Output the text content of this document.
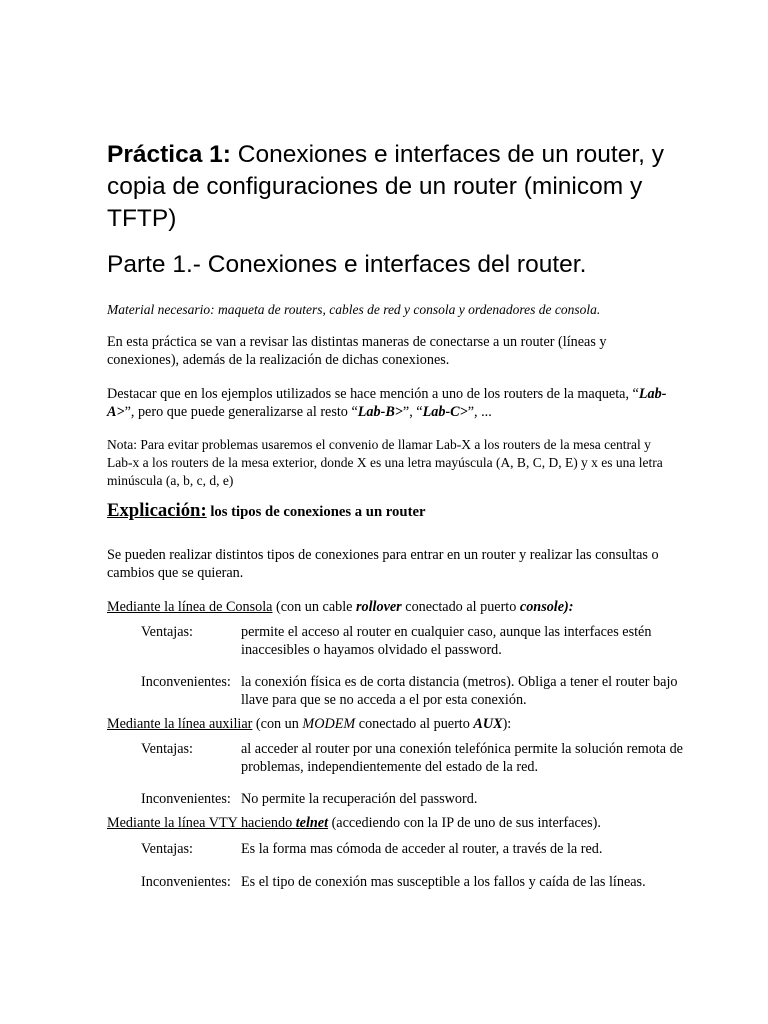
Práctica 1: Conexiones e interfaces de un router, y copia de configuraciones de un router (minicom y TFTP)
Parte 1.- Conexiones e interfaces del router.

Material necesario: maqueta de routers, cables de red y consola y ordenadores de consola.

En esta práctica se van a revisar las distintas maneras de conectarse a un router (líneas y conexiones), además de la realización de dichas conexiones.

Destacar que en los ejemplos utilizados se hace mención a uno de los routers de la maqueta, “Lab-A>”, pero que puede generalizarse al resto “Lab-B>”, “Lab-C>”, ...

Nota: Para evitar problemas usaremos el convenio de llamar Lab-X a los routers de la mesa central y Lab-x a los routers de la mesa exterior, donde X es una letra mayúscula (A, B, C, D, E) y x es una letra minúscula (a, b, c, d, e)

Explicación: los tipos de conexiones a un router

Se pueden realizar distintos tipos de conexiones para entrar en un router y realizar las consultas o cambios que se quieran.

Mediante la línea de Consola (con un cable rollover conectado al puerto console):

Ventajas:	permite el acceso al router en cualquier caso, aunque las interfaces estén inaccesibles o hayamos olvidado el password.
Inconvenientes: la conexión física es de corta distancia (metros). Obliga a tener el router bajo llave para que se no acceda a el por esta conexión.

Mediante la línea auxiliar (con un MODEM conectado al puerto AUX):

Ventajas:	al acceder al router por una conexión telefónica permite la solución remota de problemas, independientemente del estado de la red.
Inconvenientes: No permite la recuperación del password.

Mediante la línea VTY haciendo telnet (accediendo con la IP de uno de sus interfaces).

Ventajas:	Es la forma mas cómoda de acceder al router, a través de la red.
Inconvenientes: Es el tipo de conexión mas susceptible a los fallos y caída de las líneas.
